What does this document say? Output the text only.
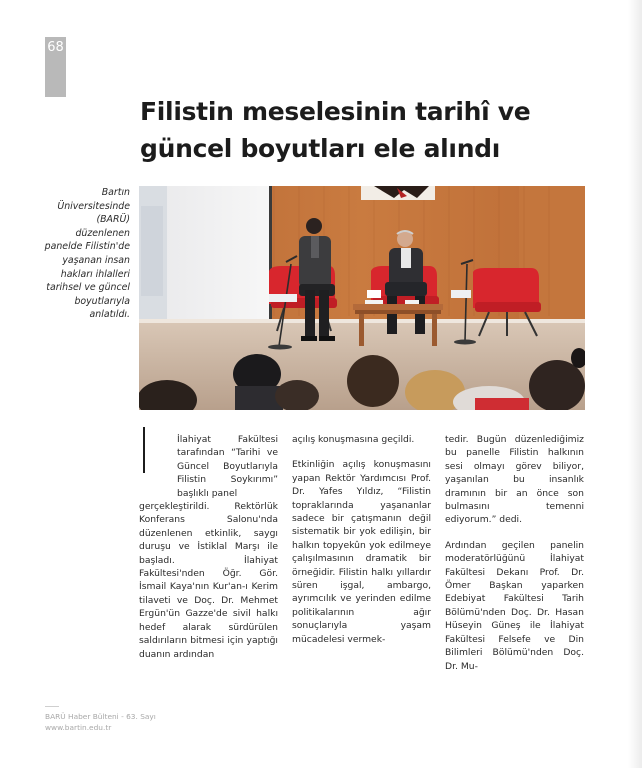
68
Filistin meselesinin tarihî ve güncel boyutları ele alındı
Bartın Üniversitesinde (BARÜ) düzenlenen panelde Filistin'de yaşanan insan hakları ihlalleri tarihsel ve güncel boyutlarıyla anlatıldı.

İlahiyat Fakültesi tarafından “Tarihi ve Güncel Boyutlarıyla Filistin Soykırımı” başlıklı panel
gerçekleştirildi. Rektörlük Konferans Salonu'nda düzenlenen etkinlik, saygı duruşu ve İstiklal Marşı ile başladı. İlahiyat Fakültesi'nden Öğr. Gör. İsmail Kaya'nın Kur'an-ı Kerim tilaveti ve Doç. Dr. Mehmet Ergün'ün Gazze'de sivil halkı hedef alarak sürdürülen saldırıların bitmesi için yaptığı duanın ardından

açılış konuşmasına geçildi.

Etkinliğin açılış konuşmasını yapan Rektör Yardımcısı Prof. Dr. Yafes Yıldız, “Filistin topraklarında yaşananlar sadece bir çatışmanın değil sistematik bir yok edilişin, bir halkın topyekûn yok edilmeye çalışılmasının dramatik bir örneğidir. Filistin halkı yıllardır süren işgal, ambargo, ayrımcılık ve yerinden edilme politikalarının ağır sonuçlarıyla yaşam mücadelesi vermek-

tedir. Bugün düzenlediğimiz bu panelle Filistin halkının sesi olmayı görev biliyor, yaşanılan bu insanlık dramının bir an önce son bulmasını temenni ediyorum.” dedi.

Ardından geçilen panelin moderatörlüğünü İlahiyat Fakültesi Dekanı Prof. Dr. Ömer Başkan yaparken Edebiyat Fakültesi Tarih Bölümü'nden Doç. Dr. Hasan Hüseyin Güneş ile İlahiyat Fakültesi Felsefe ve Din Bilimleri Bölümü'nden Doç. Dr. Mu-

BARÜ Haber Bülteni - 63. Sayı
www.bartin.edu.tr
